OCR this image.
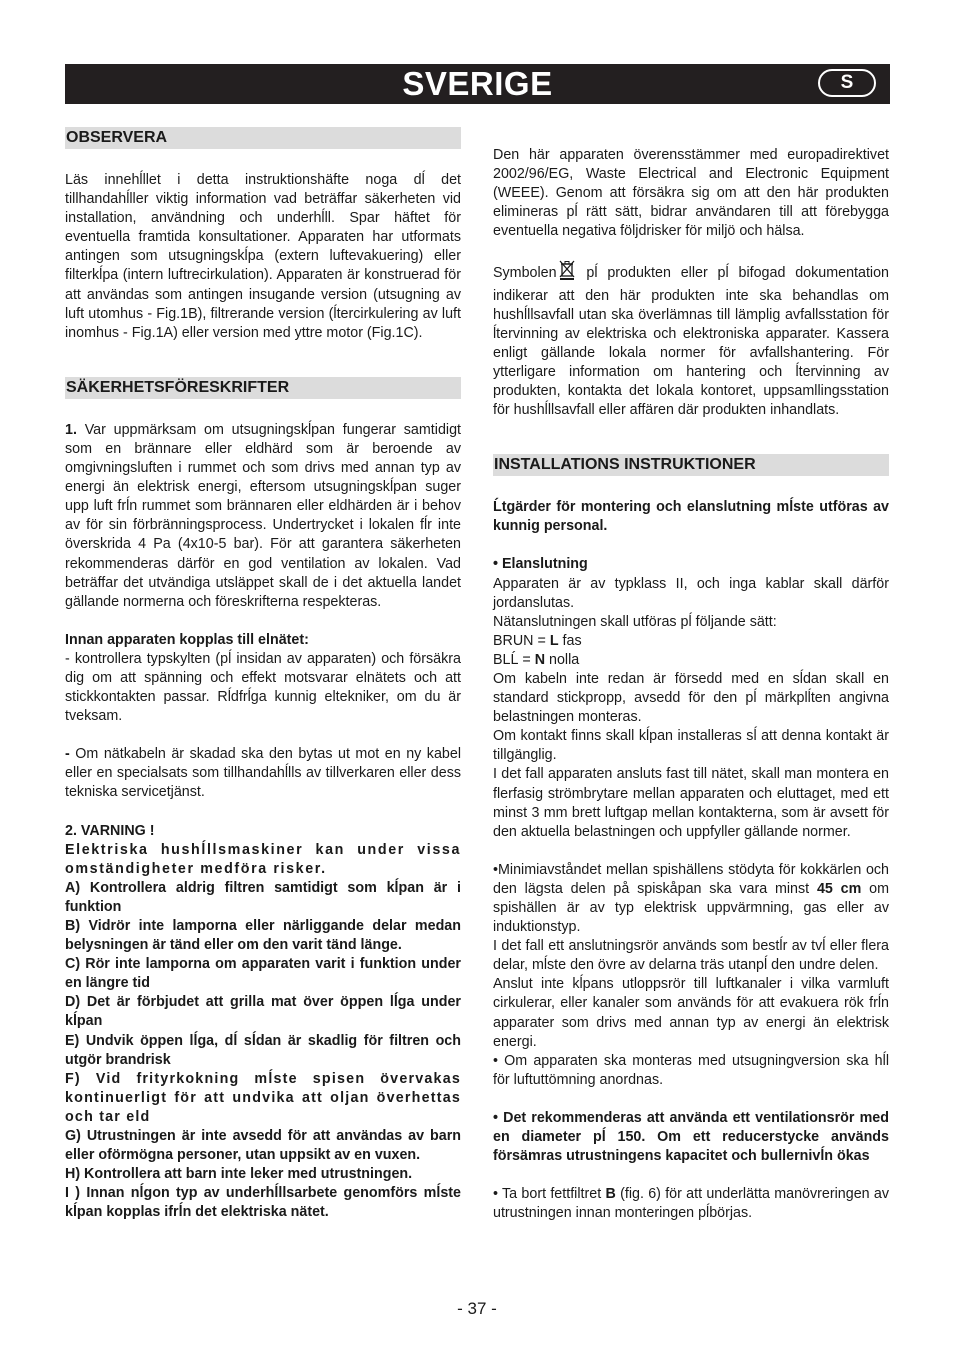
SVERIGE	S
OBSERVERA

Läs innehĺllet i detta instruktionshäfte noga dĺ det tillhandahĺller viktig information vad beträffar säkerheten vid installation, användning och underhĺll. Spar häftet för eventuella framtida konsultationer. Apparaten har utformats antingen som utsugningskĺpa (extern luftevakuering) eller filterkĺpa (intern luftrecirkulation). Apparaten är konstruerad för att användas som antingen insugande version (utsugning av luft utomhus - Fig.1B), filtrerande version (ĺtercirkulering av luft inomhus - Fig.1A) eller version med yttre motor (Fig.1C).

SÄKERHETSFÖRESKRIFTER

1. Var uppmärksam om utsugningskĺpan fungerar samtidigt som en brännare eller eldhärd som är beroende av omgivningsluften i rummet och som drivs med annan typ av energi än elektrisk energi, eftersom utsugningskĺpan suger upp luft frĺn rummet som brännaren eller eldhärden är i behov av för sin förbränningsprocess. Undertrycket i lokalen fĺr inte överskrida 4 Pa (4x10-5 bar). För att garantera säkerheten rekommenderas därför en god ventilation av lokalen. Vad beträffar det utvändiga utsläppet skall de i det aktuella landet gällande normerna och föreskrifterna respekteras.

Innan apparaten kopplas till elnätet:

- kontrollera typskylten (pĺ insidan av apparaten) och försäkra dig om att spänning och effekt motsvarar elnätets och att stickkontakten passar. Rĺdfrĺga kunnig eltekniker, om du är tveksam.

- Om nätkabeln är skadad ska den bytas ut mot en ny kabel eller en specialsats som tillhandahĺlls av tillverkaren eller dess tekniska servicetjänst.

2. VARNING !

Elektriska hushĺllsmaskiner kan under vissa omständigheter medföra risker.

A) Kontrollera aldrig filtren samtidigt som kĺpan är i funktion

B) Vidrör inte lamporna eller närliggande delar medan belysningen är tänd eller om den varit tänd länge.

C) Rör inte lamporna om apparaten varit i funktion under en längre tid

D) Det är förbjudet att grilla mat över öppen lĺga under kĺpan

E) Undvik öppen lĺga, dĺ sĺdan är skadlig för filtren och utgör brandrisk

F) Vid frityrkokning mĺste spisen övervakas kontinuerligt för att undvika att oljan överhettas och tar eld

G) Utrustningen är inte avsedd för att användas av barn eller oförmögna personer, utan uppsikt av en vuxen.

H) Kontrollera att barn inte leker med utrustningen.

I ) Innan nĺgon typ av underhĺllsarbete genomförs mĺste kĺpan kopplas ifrĺn det elektriska nätet.

Den här apparaten överensstämmer med europadirektivet 2002/96/EG, Waste Electrical and Electronic Equipment (WEEE). Genom att försäkra sig om att den här produkten elimineras pĺ rätt sätt, bidrar användaren till att förebygga eventuella negativa följdrisker för miljö och hälsa.

Symbolen pĺ produkten eller pĺ bifogad dokumentation indikerar att den här produkten inte ska behandlas om hushĺllsavfall utan ska överlämnas till lämplig avfallsstation för ĺtervinning av elektriska och elektroniska apparater. Kassera enligt gällande lokala normer för avfallshantering. För ytterligare information om hantering och ĺtervinning av produkten, kontakta det lokala kontoret, uppsamllingsstation för hushĺllsavfall eller affären där produkten inhandlats.

INSTALLATIONS INSTRUKTIONER

Ĺtgärder för montering och elanslutning mĺste utföras av kunnig personal.

• Elanslutning

Apparaten är av typklass II, och inga kablar skall därför jordanslutas.

Nätanslutningen skall utföras pĺ följande sätt:

BRUN = L fas

BLĹ = N nolla

Om kabeln inte redan är försedd med en sĺdan skall en standard stickpropp, avsedd för den pĺ märkplĺten angivna belastningen monteras.

Om kontakt finns skall kĺpan installeras sĺ att denna kontakt är tillgänglig.

I det fall apparaten ansluts fast till nätet, skall man montera en flerfasig strömbrytare mellan apparaten och eluttaget, med ett minst 3 mm brett luftgap mellan kontakterna, som är avsett för den aktuella belastningen och uppfyller gällande normer.

•Minimiavståndet mellan spishällens stödyta för kokkärlen och den lägsta delen på spiskåpan ska vara minst 45 cm om spishällen är av typ elektrisk uppvärmning, gas eller av induktionstyp.

I det fall ett anslutningsrör används som bestĺr av tvĺ eller flera delar, mĺste den övre av delarna träs utanpĺ den undre delen.

Anslut inte kĺpans utloppsrör till luftkanaler i vilka varmluft cirkulerar, eller kanaler som används för att evakuera rök frĺn apparater som drivs med annan typ av energi än elektrisk energi.

• Om apparaten ska monteras med utsugningversion ska hĺl för luftuttömning anordnas.

• Det rekommenderas att använda ett ventilationsrör med en diameter pĺ 150. Om ett reducerstycke används försämras utrustningens kapacitet och bullernivĺn ökas

• Ta bort fettfiltret B (fig. 6) för att underlätta manövreringen av utrustningen innan monteringen pĺbörjas.

- 37 -
